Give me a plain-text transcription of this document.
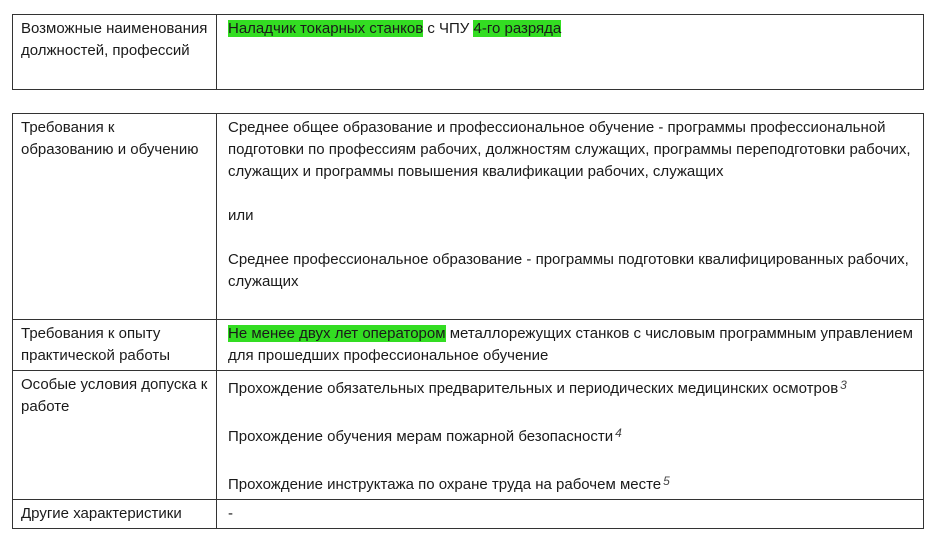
Возможные наименования должностей, профессий	Наладчик токарных станков с ЧПУ 4-го разряда
Требования к образованию и обучению	Среднее общее образование и профессиональное обучение - программы профессиональной подготовки по профессиям рабочих, должностям служащих, программы переподготовки рабочих, служащих и программы повышения квалификации рабочих, служащих

или

Среднее профессиональное образование - программы подготовки квалифицированных рабочих, служащих

Требования к опыту практической работы	Не менее двух лет оператором металлорежущих станков с числовым программным управлением для прошедших профессиональное обучение
Особые условия допуска к работе	Прохождение обязательных предварительных и периодических медицинских осмотров $^3$

Прохождение обучения мерам пожарной безопасности $^4$

Прохождение инструктажа по охране труда на рабочем месте $^5$

Другие характеристики	-
